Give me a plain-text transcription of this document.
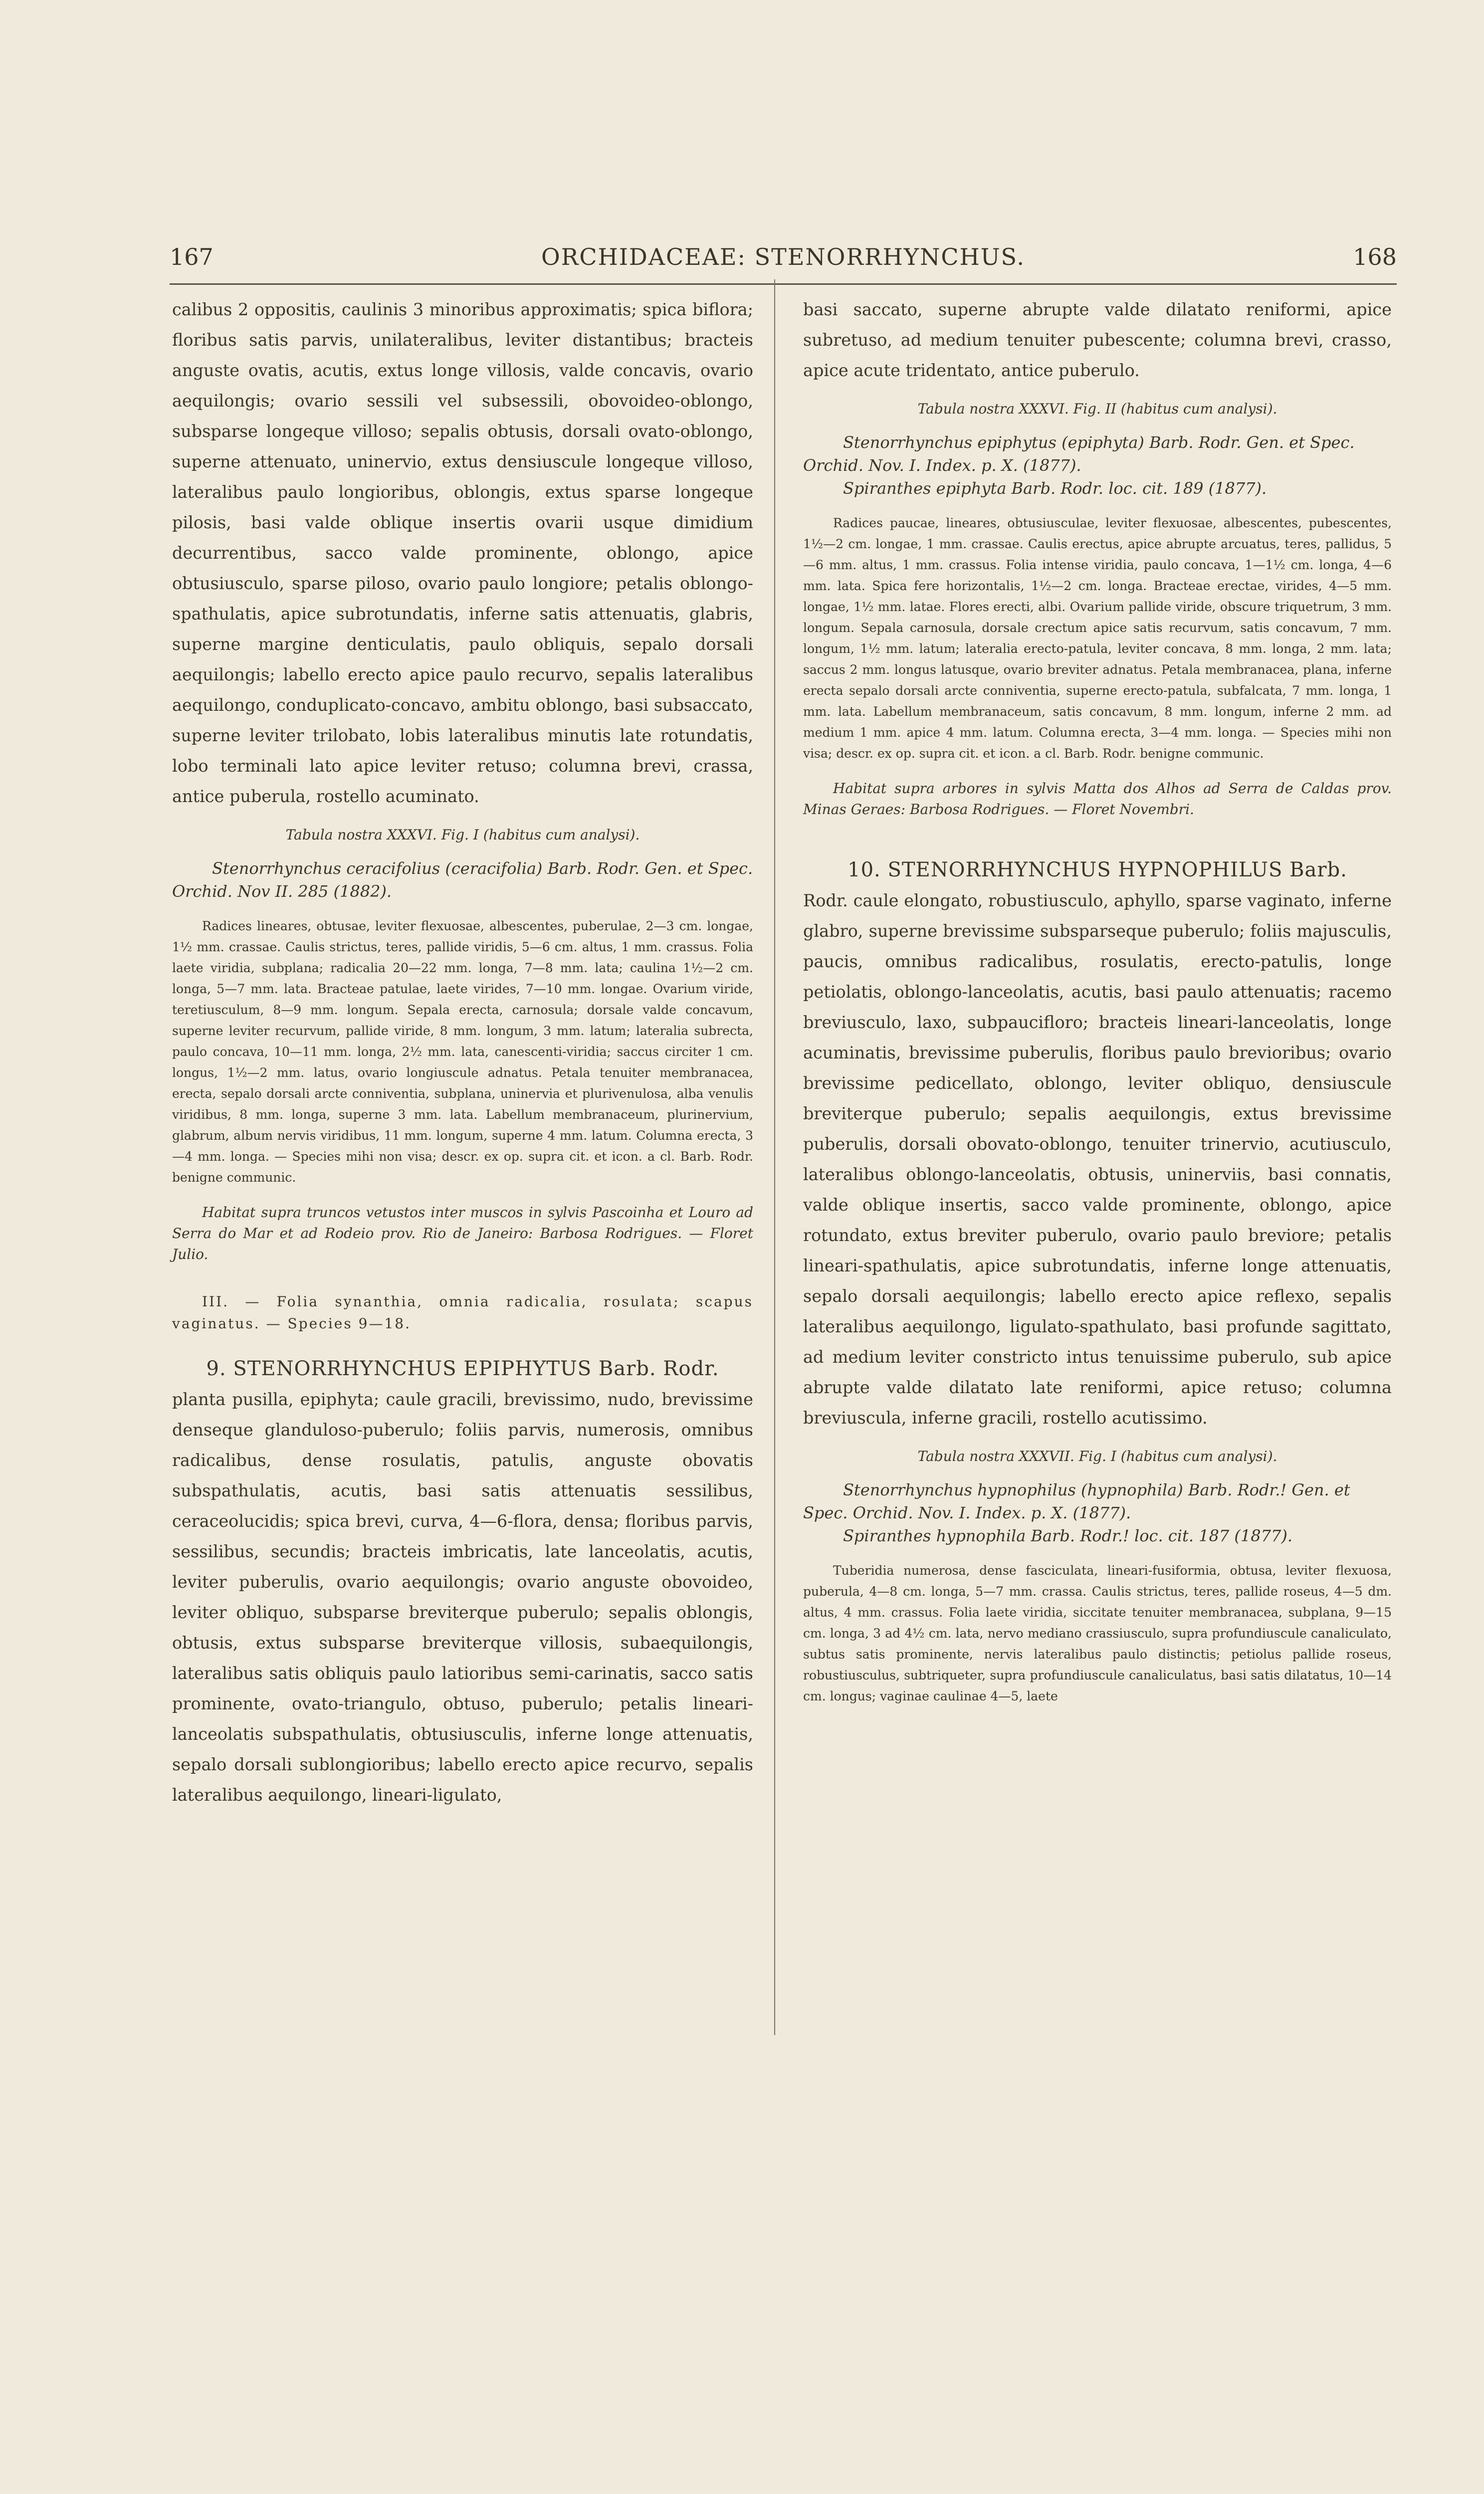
167	ORCHIDACEAE: STENORRHYNCHUS.	168

calibus 2 oppositis, caulinis 3 minoribus approximatis; spica biflora; floribus satis parvis, unilateralibus, leviter distantibus; bracteis anguste ovatis, acutis, extus longe villosis, valde concavis, ovario aequilongis; ovario sessili vel subsessili, obovoideo-oblongo, subsparse longeque villoso; sepalis obtusis, dorsali ovato-oblongo, superne attenuato, uninervio, extus densiuscule longeque villoso, lateralibus paulo longioribus, oblongis, extus sparse longeque pilosis, basi valde oblique insertis ovarii usque dimidium decurrentibus, sacco valde prominente, oblongo, apice obtusiusculo, sparse piloso, ovario paulo longiore; petalis oblongo-spathulatis, apice subrotundatis, inferne satis attenuatis, glabris, superne margine denticulatis, paulo obliquis, sepalo dorsali aequilongis; labello erecto apice paulo recurvo, sepalis lateralibus aequilongo, conduplicato-concavo, ambitu oblongo, basi subsaccato, superne leviter trilobato, lobis lateralibus minutis late rotundatis, lobo terminali lato apice leviter retuso; columna brevi, crassa, antice puberula, rostello acuminato.

Tabula nostra XXXVI. Fig. I (habitus cum analysi).

Stenorrhynchus ceracifolius (ceracifolia) Barb. Rodr. Gen. et Spec. Orchid. Nov II. 285 (1882).

Radices lineares, obtusae, leviter flexuosae, albescentes, puberulae, 2—3 cm. longae, 1½ mm. crassae. Caulis strictus, teres, pallide viridis, 5—6 cm. altus, 1 mm. crassus. Folia laete viridia, subplana; radicalia 20—22 mm. longa, 7—8 mm. lata; caulina 1½—2 cm. longa, 5—7 mm. lata. Bracteae patulae, laete virides, 7—10 mm. longae. Ovarium viride, teretiusculum, 8—9 mm. longum. Sepala erecta, carnosula; dorsale valde concavum, superne leviter recurvum, pallide viride, 8 mm. longum, 3 mm. latum; lateralia subrecta, paulo concava, 10—11 mm. longa, 2½ mm. lata, canescenti-viridia; saccus circiter 1 cm. longus, 1½—2 mm. latus, ovario longiuscule adnatus. Petala tenuiter membranacea, erecta, sepalo dorsali arcte conniventia, subplana, uninervia et plurivenulosa, alba venulis viridibus, 8 mm. longa, superne 3 mm. lata. Labellum membranaceum, plurinervium, glabrum, album nervis viridibus, 11 mm. longum, superne 4 mm. latum. Columna erecta, 3—4 mm. longa. — Species mihi non visa; descr. ex op. supra cit. et icon. a cl. Barb. Rodr. benigne communic.

Habitat supra truncos vetustos inter muscos in sylvis Pascoinha et Louro ad Serra do Mar et ad Rodeio prov. Rio de Janeiro: Barbosa Rodrigues. — Floret Julio.

III. — Folia synanthia, omnia radicalia, rosulata; scapus vaginatus. — Species 9—18.

9. STENORRHYNCHUS EPIPHYTUS Barb. Rodr.

planta pusilla, epiphyta; caule gracili, brevissimo, nudo, brevissime denseque glanduloso-puberulo; foliis parvis, numerosis, omnibus radicalibus, dense rosulatis, patulis, anguste obovatis subspathulatis, acutis, basi satis attenuatis sessilibus, ceraceolucidis; spica brevi, curva, 4—6-flora, densa; floribus parvis, sessilibus, secundis; bracteis imbricatis, late lanceolatis, acutis, leviter puberulis, ovario aequilongis; ovario anguste obovoideo, leviter obliquo, subsparse breviterque puberulo; sepalis oblongis, obtusis, extus subsparse breviterque villosis, subaequilongis, lateralibus satis obliquis paulo latioribus semi-carinatis, sacco satis prominente, ovato-triangulo, obtuso, puberulo; petalis lineari-lanceolatis subspathulatis, obtusiusculis, inferne longe attenuatis, sepalo dorsali sublongioribus; labello erecto apice recurvo, sepalis lateralibus aequilongo, lineari-ligulato,

basi saccato, superne abrupte valde dilatato reniformi, apice subretuso, ad medium tenuiter pubescente; columna brevi, crasso, apice acute tridentato, antice puberulo.

Tabula nostra XXXVI. Fig. II (habitus cum analysi).

Stenorrhynchus epiphytus (epiphyta) Barb. Rodr. Gen. et Spec. Orchid. Nov. I. Index. p. X. (1877).

Spiranthes epiphyta Barb. Rodr. loc. cit. 189 (1877).

Radices paucae, lineares, obtusiusculae, leviter flexuosae, albescentes, pubescentes, 1½—2 cm. longae, 1 mm. crassae. Caulis erectus, apice abrupte arcuatus, teres, pallidus, 5—6 mm. altus, 1 mm. crassus. Folia intense viridia, paulo concava, 1—1½ cm. longa, 4—6 mm. lata. Spica fere horizontalis, 1½—2 cm. longa. Bracteae erectae, virides, 4—5 mm. longae, 1½ mm. latae. Flores erecti, albi. Ovarium pallide viride, obscure triquetrum, 3 mm. longum. Sepala carnosula, dorsale crectum apice satis recurvum, satis concavum, 7 mm. longum, 1½ mm. latum; lateralia erecto-patula, leviter concava, 8 mm. longa, 2 mm. lata; saccus 2 mm. longus latusque, ovario breviter adnatus. Petala membranacea, plana, inferne erecta sepalo dorsali arcte conniventia, superne erecto-patula, subfalcata, 7 mm. longa, 1 mm. lata. Labellum membranaceum, satis concavum, 8 mm. longum, inferne 2 mm. ad medium 1 mm. apice 4 mm. latum. Columna erecta, 3—4 mm. longa. — Species mihi non visa; descr. ex op. supra cit. et icon. a cl. Barb. Rodr. benigne communic.

Habitat supra arbores in sylvis Matta dos Alhos ad Serra de Caldas prov. Minas Geraes: Barbosa Rodrigues. — Floret Novembri.

10. STENORRHYNCHUS HYPNOPHILUS Barb.

Rodr. caule elongato, robustiusculo, aphyllo, sparse vaginato, inferne glabro, superne brevissime subsparseque puberulo; foliis majusculis, paucis, omnibus radicalibus, rosulatis, erecto-patulis, longe petiolatis, oblongo-lanceolatis, acutis, basi paulo attenuatis; racemo breviusculo, laxo, subpaucifloro; bracteis lineari-lanceolatis, longe acuminatis, brevissime puberulis, floribus paulo brevioribus; ovario brevissime pedicellato, oblongo, leviter obliquo, densiuscule breviterque puberulo; sepalis aequilongis, extus brevissime puberulis, dorsali obovato-oblongo, tenuiter trinervio, acutiusculo, lateralibus oblongo-lanceolatis, obtusis, uninerviis, basi connatis, valde oblique insertis, sacco valde prominente, oblongo, apice rotundato, extus breviter puberulo, ovario paulo breviore; petalis lineari-spathulatis, apice subrotundatis, inferne longe attenuatis, sepalo dorsali aequilongis; labello erecto apice reflexo, sepalis lateralibus aequilongo, ligulato-spathulato, basi profunde sagittato, ad medium leviter constricto intus tenuissime puberulo, sub apice abrupte valde dilatato late reniformi, apice retuso; columna breviuscula, inferne gracili, rostello acutissimo.

Tabula nostra XXXVII. Fig. I (habitus cum analysi).

Stenorrhynchus hypnophilus (hypnophila) Barb. Rodr.! Gen. et Spec. Orchid. Nov. I. Index. p. X. (1877).

Spiranthes hypnophila Barb. Rodr.! loc. cit. 187 (1877).

Tuberidia numerosa, dense fasciculata, lineari-fusiformia, obtusa, leviter flexuosa, puberula, 4—8 cm. longa, 5—7 mm. crassa. Caulis strictus, teres, pallide roseus, 4—5 dm. altus, 4 mm. crassus. Folia laete viridia, siccitate tenuiter membranacea, subplana, 9—15 cm. longa, 3 ad 4½ cm. lata, nervo mediano crassiusculo, supra profundiuscule canaliculato, subtus satis prominente, nervis lateralibus paulo distinctis; petiolus pallide roseus, robustiusculus, subtriqueter, supra profundiuscule canaliculatus, basi satis dilatatus, 10—14 cm. longus; vaginae caulinae 4—5, laete
